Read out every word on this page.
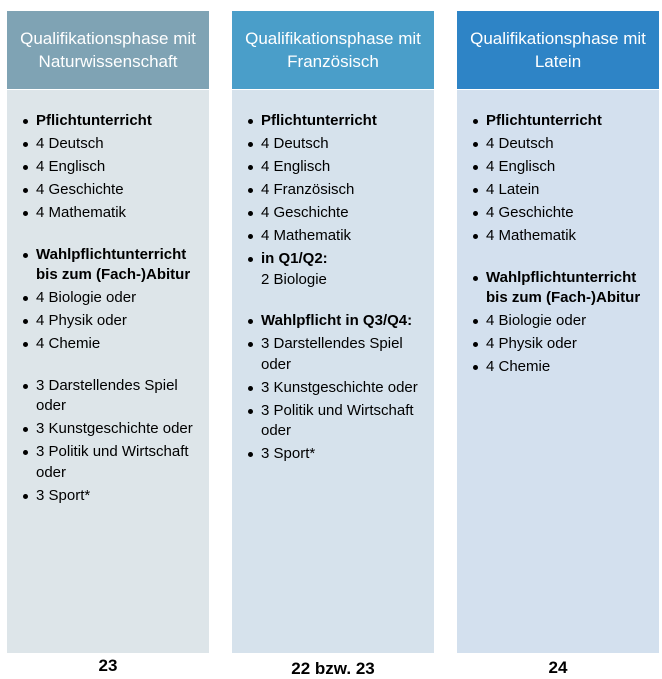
Qualifikationsphase mit Naturwissenschaft
Pflichtunterricht
4 Deutsch
4 Englisch
4 Geschichte
4 Mathematik
Wahlpflichtunterricht bis zum (Fach-)Abitur
4 Biologie oder
4 Physik oder
4 Chemie
3 Darstellendes Spiel oder
3 Kunstgeschichte oder
3 Politik und Wirtschaft oder
3 Sport*
23
Qualifikationsphase mit Französisch
Pflichtunterricht
4 Deutsch
4 Englisch
4 Französisch
4 Geschichte
4 Mathematik
in Q1/Q2:
2 Biologie
Wahlpflicht in Q3/Q4:
3 Darstellendes Spiel oder
3 Kunstgeschichte oder
3 Politik und Wirtschaft oder
3 Sport*
22 bzw. 23
Qualifikationsphase mit Latein
Pflichtunterricht
4 Deutsch
4 Englisch
4 Latein
4 Geschichte
4 Mathematik
Wahlpflichtunterricht bis zum (Fach-)Abitur
4 Biologie oder
4 Physik oder
4 Chemie
24
